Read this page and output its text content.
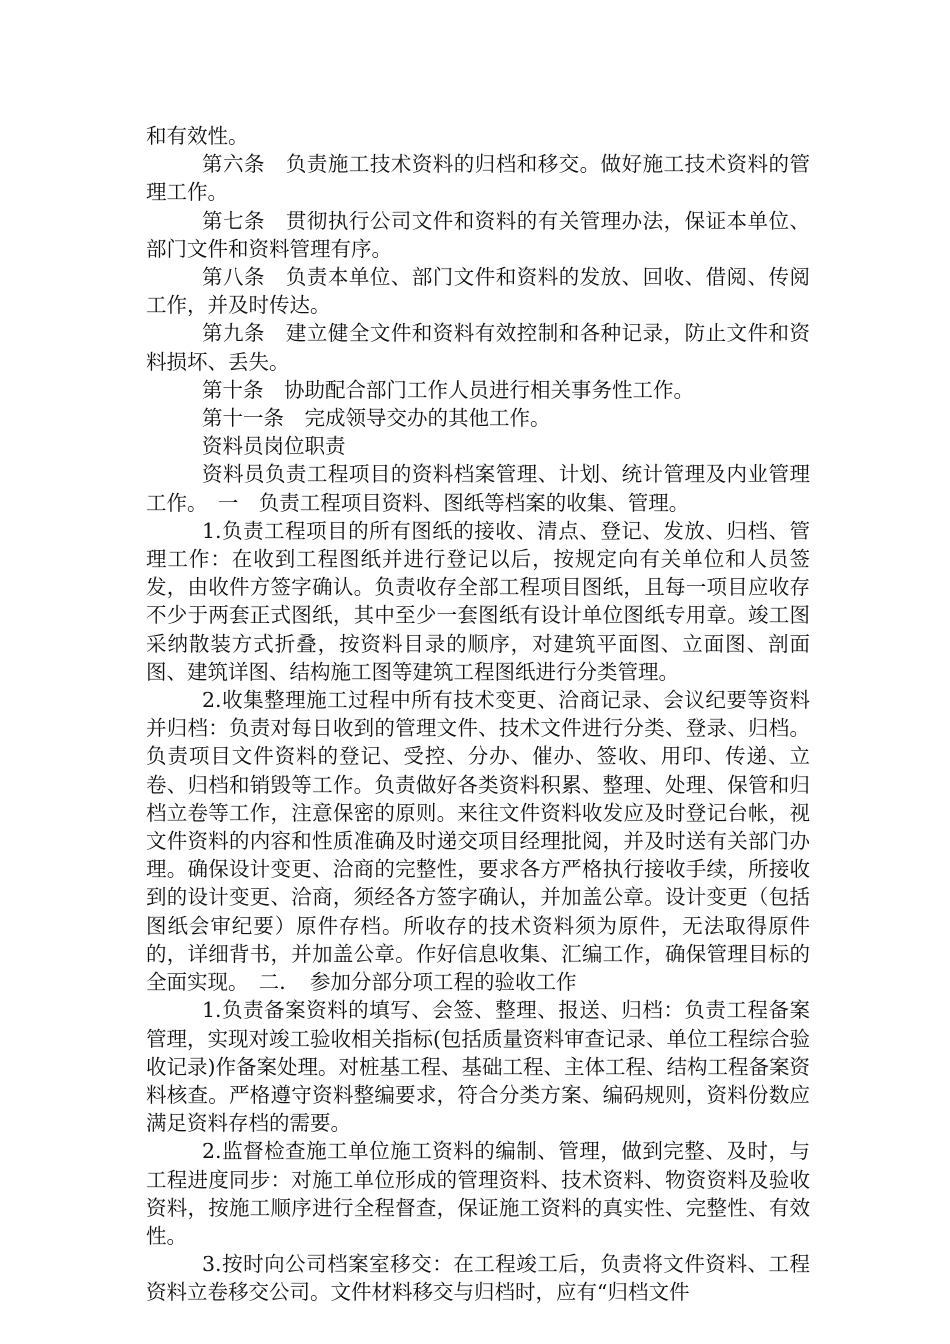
和有效性。

第六条　负责施工技术资料的归档和移交。做好施工技术资料的管理工作。

第七条　贯彻执行公司文件和资料的有关管理办法，保证本单位、部门文件和资料管理有序。

第八条　负责本单位、部门文件和资料的发放、回收、借阅、传阅工作，并及时传达。

第九条　建立健全文件和资料有效控制和各种记录，防止文件和资料损坏、丢失。

第十条　协助配合部门工作人员进行相关事务性工作。

第十一条　完成领导交办的其他工作。

资料员岗位职责

资料员负责工程项目的资料档案管理、计划、统计管理及内业管理工作。　一　负责工程项目资料、图纸等档案的收集、管理。

1.负责工程项目的所有图纸的接收、清点、登记、发放、归档、管理工作：在收到工程图纸并进行登记以后，按规定向有关单位和人员签发，由收件方签字确认。负责收存全部工程项目图纸，且每一项目应收存不少于两套正式图纸，其中至少一套图纸有设计单位图纸专用章。竣工图采纳散装方式折叠，按资料目录的顺序，对建筑平面图、立面图、剖面图、建筑详图、结构施工图等建筑工程图纸进行分类管理。

2.收集整理施工过程中所有技术变更、洽商记录、会议纪要等资料并归档：负责对每日收到的管理文件、技术文件进行分类、登录、归档。负责项目文件资料的登记、受控、分办、催办、签收、用印、传递、立卷、归档和销毁等工作。负责做好各类资料积累、整理、处理、保管和归档立卷等工作，注意保密的原则。来往文件资料收发应及时登记台帐，视文件资料的内容和性质准确及时递交项目经理批阅，并及时送有关部门办理。确保设计变更、洽商的完整性，要求各方严格执行接收手续，所接收到的设计变更、洽商，须经各方签字确认，并加盖公章。设计变更（包括图纸会审纪要）原件存档。所收存的技术资料须为原件，无法取得原件的，详细背书，并加盖公章。作好信息收集、汇编工作，确保管理目标的全面实现。　二．　参加分部分项工程的验收工作

1.负责备案资料的填写、会签、整理、报送、归档：负责工程备案管理，实现对竣工验收相关指标(包括质量资料审查记录、单位工程综合验收记录)作备案处理。对桩基工程、基础工程、主体工程、结构工程备案资料核查。严格遵守资料整编要求，符合分类方案、编码规则，资料份数应满足资料存档的需要。

2.监督检查施工单位施工资料的编制、管理，做到完整、及时，与工程进度同步：对施工单位形成的管理资料、技术资料、物资资料及验收资料，按施工顺序进行全程督查，保证施工资料的真实性、完整性、有效性。

3.按时向公司档案室移交：在工程竣工后，负责将文件资料、工程资料立卷移交公司。文件材料移交与归档时，应有“归档文件
